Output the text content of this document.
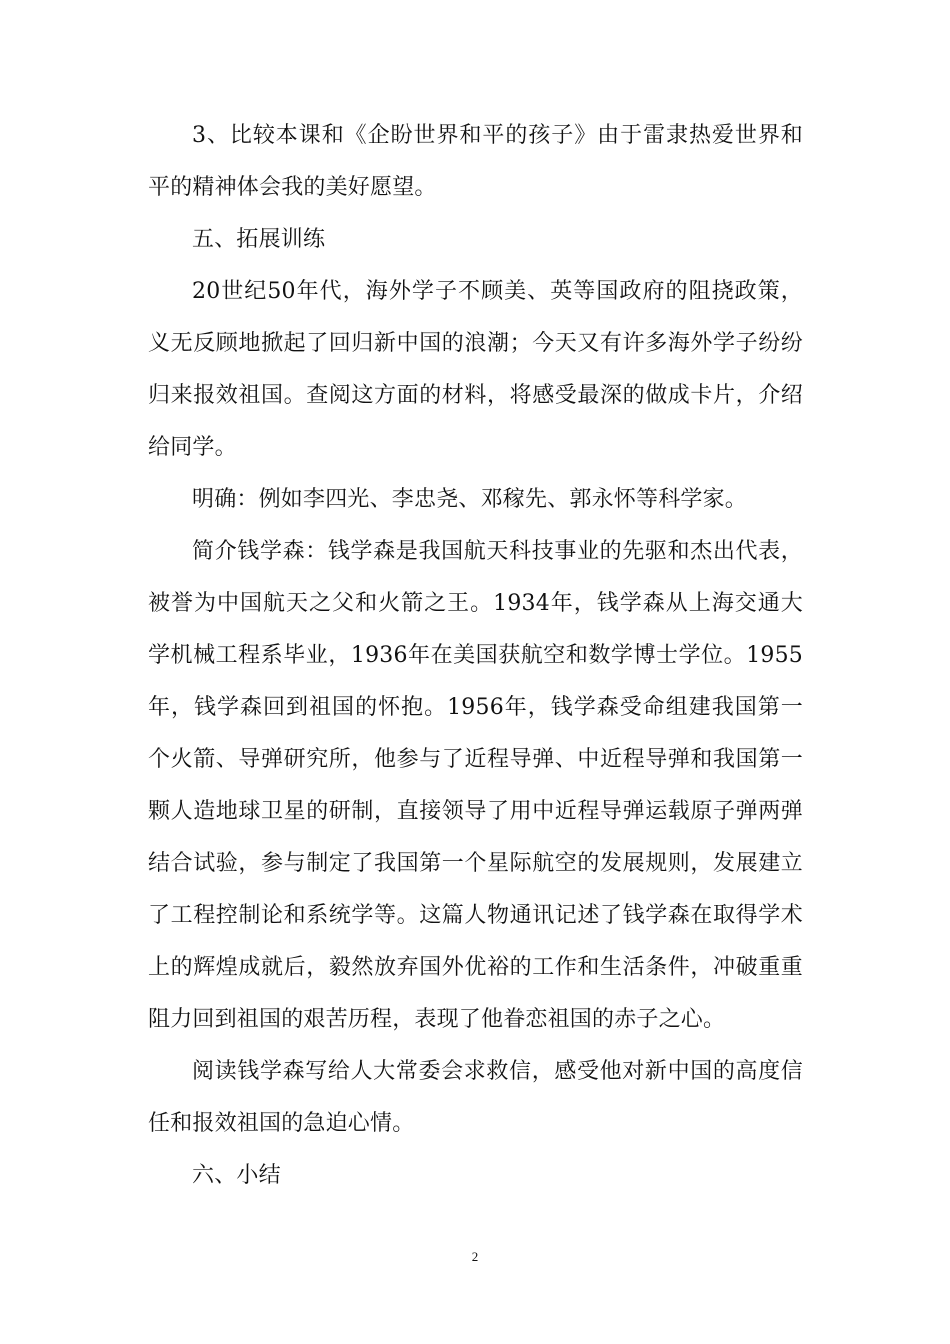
3、比较本课和《企盼世界和平的孩子》由于雷隶热爱世界和平的精神体会我的美好愿望。

五、拓展训练

20世纪50年代，海外学子不顾美、英等国政府的阻挠政策，义无反顾地掀起了回归新中国的浪潮；今天又有许多海外学子纷纷归来报效祖国。查阅这方面的材料，将感受最深的做成卡片，介绍给同学。

明确：例如李四光、李忠尧、邓稼先、郭永怀等科学家。

简介钱学森：钱学森是我国航天科技事业的先驱和杰出代表，被誉为中国航天之父和火箭之王。1934年，钱学森从上海交通大学机械工程系毕业，1936年在美国获航空和数学博士学位。1955年，钱学森回到祖国的怀抱。1956年，钱学森受命组建我国第一个火箭、导弹研究所，他参与了近程导弹、中近程导弹和我国第一颗人造地球卫星的研制，直接领导了用中近程导弹运载原子弹两弹结合试验，参与制定了我国第一个星际航空的发展规则，发展建立了工程控制论和系统学等。这篇人物通讯记述了钱学森在取得学术上的辉煌成就后，毅然放弃国外优裕的工作和生活条件，冲破重重阻力回到祖国的艰苦历程，表现了他眷恋祖国的赤子之心。

阅读钱学森写给人大常委会求救信，感受他对新中国的高度信任和报效祖国的急迫心情。

六、小结

2
